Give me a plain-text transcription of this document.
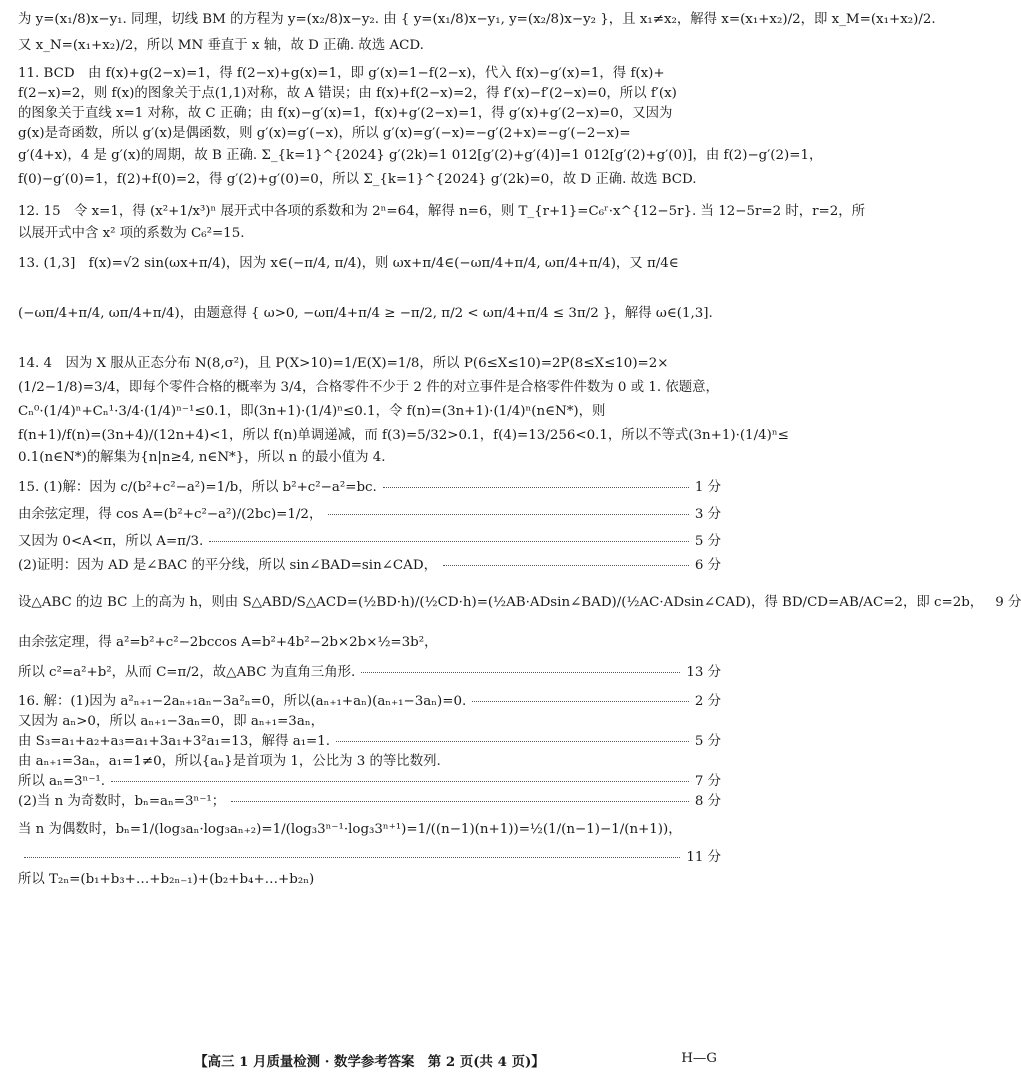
为 y=(x₁/8)x−y₁. 同理，切线 BM 的方程为 y=(x₂/8)x−y₂. 由 { y=(x₁/8)x−y₁, y=(x₂/8)x−y₂ }，且 x₁≠x₂，解得 x=(x₁+x₂)/2，即 x_M=(x₁+x₂)/2.
又 x_N=(x₁+x₂)/2，所以 MN 垂直于 x 轴，故 D 正确. 故选 ACD.
11. BCD　由 f(x)+g(2−x)=1，得 f(2−x)+g(x)=1，即 g′(x)=1−f(2−x)，代入 f(x)−g′(x)=1，得 f(x)+
f(2−x)=2，则 f(x)的图象关于点(1,1)对称，故 A 错误；由 f(x)+f(2−x)=2，得 f′(x)−f′(2−x)=0，所以 f′(x)
的图象关于直线 x=1 对称，故 C 正确；由 f(x)−g′(x)=1，f(x)+g′(2−x)=1，得 g′(x)+g′(2−x)=0，又因为
g(x)是奇函数，所以 g′(x)是偶函数，则 g′(x)=g′(−x)，所以 g′(x)=g′(−x)=−g′(2+x)=−g′(−2−x)=
g′(4+x)，4 是 g′(x)的周期，故 B 正确. Σ_{k=1}^{2024} g′(2k)=1 012[g′(2)+g′(4)]=1 012[g′(2)+g′(0)]，由 f(2)−g′(2)=1，
f(0)−g′(0)=1，f(2)+f(0)=2，得 g′(2)+g′(0)=0，所以 Σ_{k=1}^{2024} g′(2k)=0，故 D 正确. 故选 BCD.
12. 15　令 x=1，得 (x²+1/x³)ⁿ 展开式中各项的系数和为 2ⁿ=64，解得 n=6，则 T_{r+1}=C₆ʳ·x^{12−5r}. 当 12−5r=2 时，r=2，所
以展开式中含 x² 项的系数为 C₆²=15.
13. (1,3]　f(x)=√2 sin(ωx+π/4)，因为 x∈(−π/4, π/4)，则 ωx+π/4∈(−ωπ/4+π/4, ωπ/4+π/4)，又 π/4∈
(−ωπ/4+π/4, ωπ/4+π/4)，由题意得 { ω>0, −ωπ/4+π/4 ≥ −π/2, π/2 < ωπ/4+π/4 ≤ 3π/2 }，解得 ω∈(1,3].
14. 4　因为 X 服从正态分布 N(8,σ²)，且 P(X>10)=1/E(X)=1/8，所以 P(6≤X≤10)=2P(8≤X≤10)=2×
(1/2−1/8)=3/4，即每个零件合格的概率为 3/4，合格零件不少于 2 件的对立事件是合格零件件数为 0 或 1. 依题意，
Cₙ⁰·(1/4)ⁿ+Cₙ¹·3/4·(1/4)ⁿ⁻¹≤0.1，即(3n+1)·(1/4)ⁿ≤0.1，令 f(n)=(3n+1)·(1/4)ⁿ(n∈N*)，则
f(n+1)/f(n)=(3n+4)/(12n+4)<1，所以 f(n)单调递减，而 f(3)=5/32>0.1，f(4)=13/256<0.1，所以不等式(3n+1)·(1/4)ⁿ≤
0.1(n∈N*)的解集为{n|n≥4, n∈N*}，所以 n 的最小值为 4.
15. (1)解：因为 c/(b²+c²−a²)=1/b，所以 b²+c²−a²=bc.	1 分
由余弦定理，得 cos A=(b²+c²−a²)/(2bc)=1/2，	3 分
又因为 0<A<π，所以 A=π/3.	5 分
(2)证明：因为 AD 是∠BAC 的平分线，所以 sin∠BAD=sin∠CAD，	6 分
设△ABC 的边 BC 上的高为 h，则由 S△ABD/S△ACD=(½BD·h)/(½CD·h)=(½AB·ADsin∠BAD)/(½AC·ADsin∠CAD)，得 BD/CD=AB/AC=2，即 c=2b， 9 分
由余弦定理，得 a²=b²+c²−2bccos A=b²+4b²−2b×2b×½=3b²，
所以 c²=a²+b²，从而 C=π/2，故△ABC 为直角三角形.	13 分
16. 解：(1)因为 a²ₙ₊₁−2aₙ₊₁aₙ−3a²ₙ=0，所以(aₙ₊₁+aₙ)(aₙ₊₁−3aₙ)=0.	2 分
又因为 aₙ>0，所以 aₙ₊₁−3aₙ=0，即 aₙ₊₁=3aₙ，
由 S₃=a₁+a₂+a₃=a₁+3a₁+3²a₁=13，解得 a₁=1.	5 分
由 aₙ₊₁=3aₙ，a₁=1≠0，所以{aₙ}是首项为 1，公比为 3 的等比数列.
所以 aₙ=3ⁿ⁻¹.	7 分
(2)当 n 为奇数时，bₙ=aₙ=3ⁿ⁻¹；	8 分
当 n 为偶数时，bₙ=1/(log₃aₙ·log₃aₙ₊₂)=1/(log₃3ⁿ⁻¹·log₃3ⁿ⁺¹)=1/((n−1)(n+1))=½(1/(n−1)−1/(n+1))，
11 分
所以 T₂ₙ=(b₁+b₃+…+b₂ₙ₋₁)+(b₂+b₄+…+b₂ₙ)
【高三 1 月质量检测 · 数学参考答案　第 2 页(共 4 页)】	H—G
